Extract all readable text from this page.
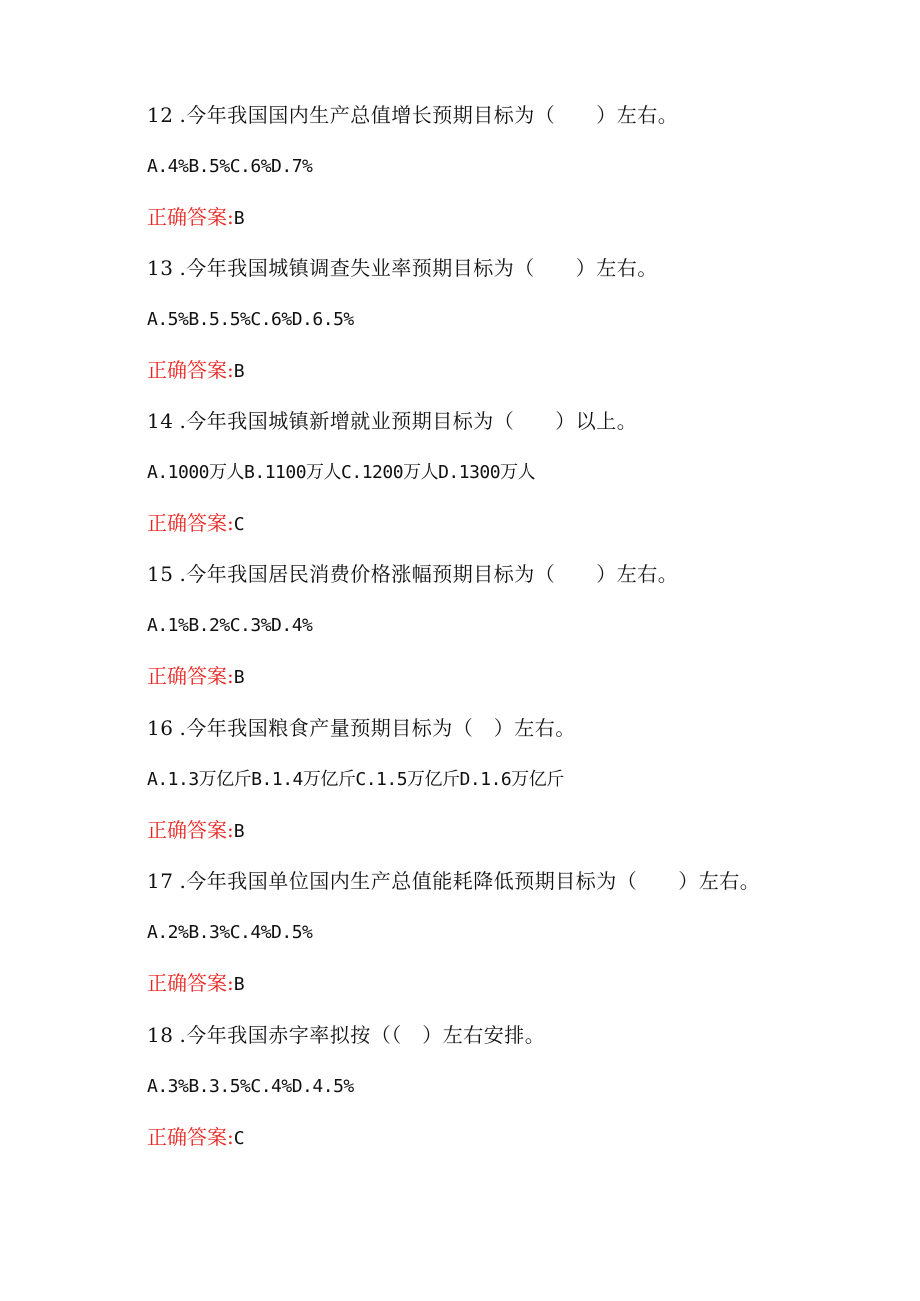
12 .今年我国国内生产总值增长预期目标为（　　）左右。
A.4%B.5%C.6%D.7%
正确答案:B
13 .今年我国城镇调查失业率预期目标为（　　）左右。
A.5%B.5.5%C.6%D.6.5%
正确答案:B
14 .今年我国城镇新增就业预期目标为（　　）以上。
A.1000万人B.1100万人C.1200万人D.1300万人
正确答案:C
15 .今年我国居民消费价格涨幅预期目标为（　　）左右。
A.1%B.2%C.3%D.4%
正确答案:B
16 .今年我国粮食产量预期目标为（　）左右。
A.1.3万亿斤B.1.4万亿斤C.1.5万亿斤D.1.6万亿斤
正确答案:B
17 .今年我国单位国内生产总值能耗降低预期目标为（　　）左右。
A.2%B.3%C.4%D.5%
正确答案:B
18 .今年我国赤字率拟按（（　）左右安排。
A.3%B.3.5%C.4%D.4.5%
正确答案:C
